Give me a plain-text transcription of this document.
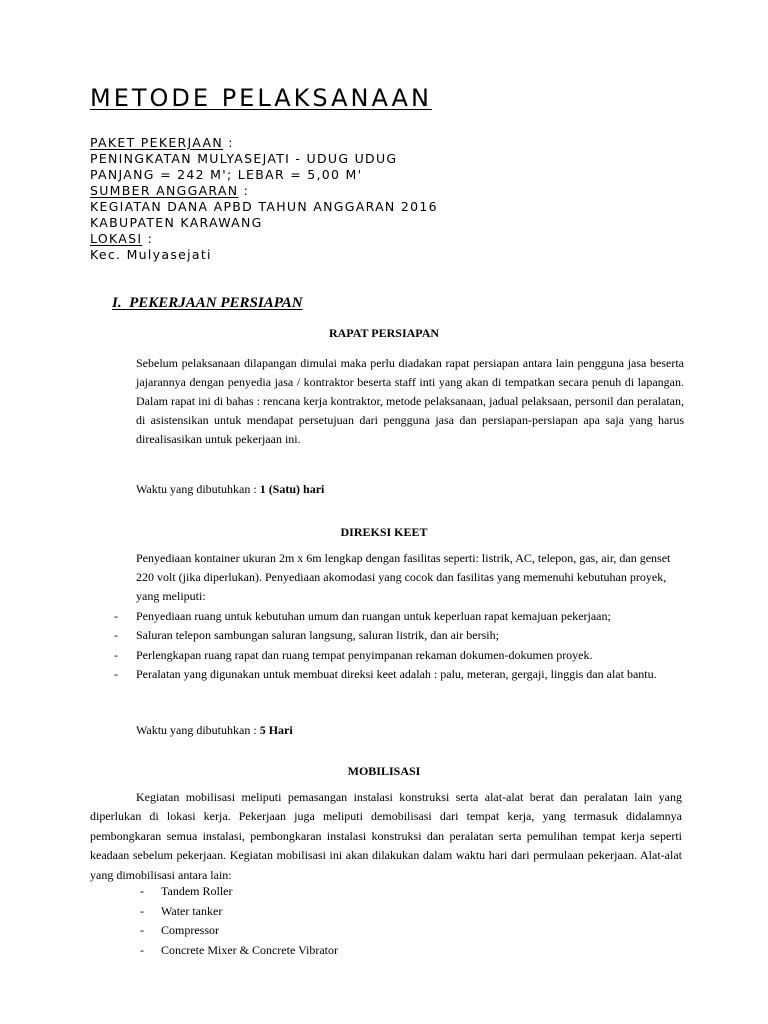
METODE PELAKSANAAN
PAKET PEKERJAAN :
PENINGKATAN MULYASEJATI - UDUG UDUG
PANJANG = 242 M'; LEBAR = 5,00 M'
SUMBER ANGGARAN :
KEGIATAN DANA APBD TAHUN ANGGARAN 2016
KABUPATEN KARAWANG
LOKASI :
Kec. Mulyasejati
I. PEKERJAAN PERSIAPAN
RAPAT PERSIAPAN
Sebelum pelaksanaan dilapangan dimulai maka perlu diadakan rapat persiapan antara lain pengguna jasa beserta jajarannya dengan penyedia jasa / kontraktor beserta staff inti yang akan di tempatkan secara penuh di lapangan. Dalam rapat ini di bahas : rencana kerja kontraktor, metode pelaksanaan, jadual pelaksaan, personil dan peralatan, di asistensikan untuk mendapat persetujuan dari pengguna jasa dan persiapan-persiapan apa saja yang harus direalisasikan untuk pekerjaan ini.
Waktu yang dibutuhkan : 1 (Satu) hari
DIREKSI KEET
Penyediaan kontainer ukuran 2m x 6m lengkap dengan fasilitas seperti: listrik, AC, telepon, gas, air, dan genset 220 volt (jika diperlukan). Penyediaan akomodasi yang cocok dan fasilitas yang memenuhi kebutuhan proyek, yang meliputi:
- Penyediaan ruang untuk kebutuhan umum dan ruangan untuk keperluan rapat kemajuan pekerjaan;
- Saluran telepon sambungan saluran langsung, saluran listrik, dan air bersih;
- Perlengkapan ruang rapat dan ruang tempat penyimpanan rekaman dokumen-dokumen proyek.
- Peralatan yang digunakan untuk membuat direksi keet adalah : palu, meteran, gergaji, linggis dan alat bantu.
Waktu yang dibutuhkan : 5 Hari
MOBILISASI
Kegiatan mobilisasi meliputi pemasangan instalasi konstruksi serta alat-alat berat dan peralatan lain yang diperlukan di lokasi kerja. Pekerjaan juga meliputi demobilisasi dari tempat kerja, yang termasuk didalamnya pembongkaran semua instalasi, pembongkaran instalasi konstruksi dan peralatan serta pemulihan tempat kerja seperti keadaan sebelum pekerjaan. Kegiatan mobilisasi ini akan dilakukan dalam waktu hari dari permulaan pekerjaan. Alat-alat yang dimobilisasi antara lain:
- Tandem Roller
- Water tanker
- Compressor
- Concrete Mixer & Concrete Vibrator
